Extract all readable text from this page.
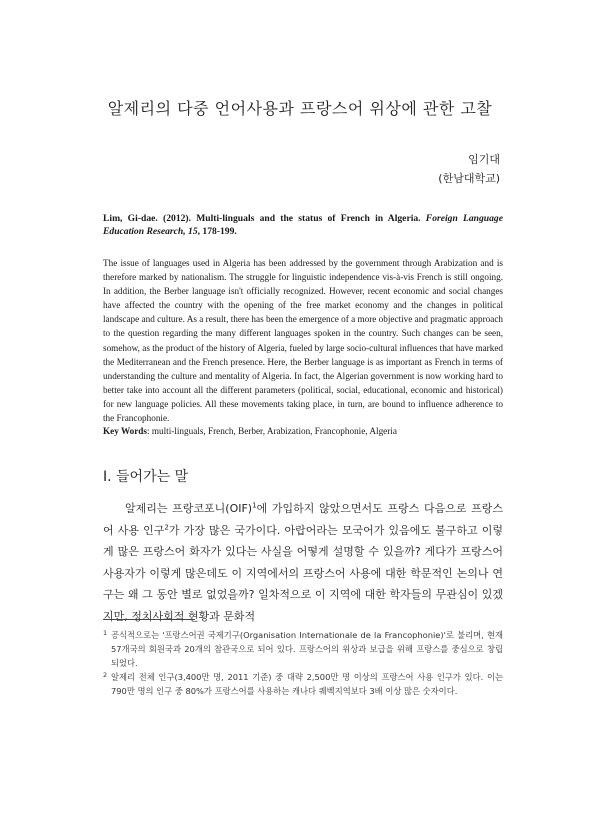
알제리의 다중 언어사용과 프랑스어 위상에 관한 고찰
임기대
(한남대학교)
Lim, Gi-dae. (2012). Multi-linguals and the status of French in Algeria. Foreign Language Education Research, 15, 178-199.

The issue of languages used in Algeria has been addressed by the government through Arabization and is therefore marked by nationalism. The struggle for linguistic independence vis-à-vis French is still ongoing. In addition, the Berber language isn't officially recognized. However, recent economic and social changes have affected the country with the opening of the free market economy and the changes in political landscape and culture. As a result, there has been the emergence of a more objective and pragmatic approach to the question regarding the many different languages spoken in the country. Such changes can be seen, somehow, as the product of the history of Algeria, fueled by large socio-cultural influences that have marked the Mediterranean and the French presence. Here, the Berber language is as important as French in terms of understanding the culture and mentality of Algeria. In fact, the Algerian government is now working hard to better take into account all the different parameters (political, social, educational, economic and historical) for new language policies. All these movements taking place, in turn, are bound to influence adherence to the Francophonie.

Key Words: multi-linguals, French, Berber, Arabization, Francophonie, Algeria
Ⅰ. 들어가는 말

알제리는 프랑코포니(OIF)$^1$에 가입하지 않았으면서도 프랑스 다음으로 프랑스어 사용 인구$^2$가 가장 많은 국가이다. 아랍어라는 모국어가 있음에도 불구하고 이렇게 많은 프랑스어 화자가 있다는 사실을 어떻게 설명할 수 있을까? 게다가 프랑스어 사용자가 이렇게 많은데도 이 지역에서의 프랑스어 사용에 대한 학문적인 논의나 연구는 왜 그 동안 별로 없었을까? 일차적으로 이 지역에 대한 학자들의 무관심이 있겠지만, 정치사회적 현황과 문화적

1 공식적으로는 '프랑스어권 국제기구(Organisation Internationale de la Francophonie)'로 불리며, 현재 57개국의 회원국과 20개의 참관국으로 되어 있다. 프랑스어의 위상과 보급을 위해 프랑스를 중심으로 창립되었다.
2 알제리 전체 인구(3,400만 명, 2011 기준) 중 대략 2,500만 명 이상의 프랑스어 사용 인구가 있다. 이는 790만 명의 인구 중 80%가 프랑스어를 사용하는 캐나다 퀘벡지역보다 3배 이상 많은 숫자이다.
